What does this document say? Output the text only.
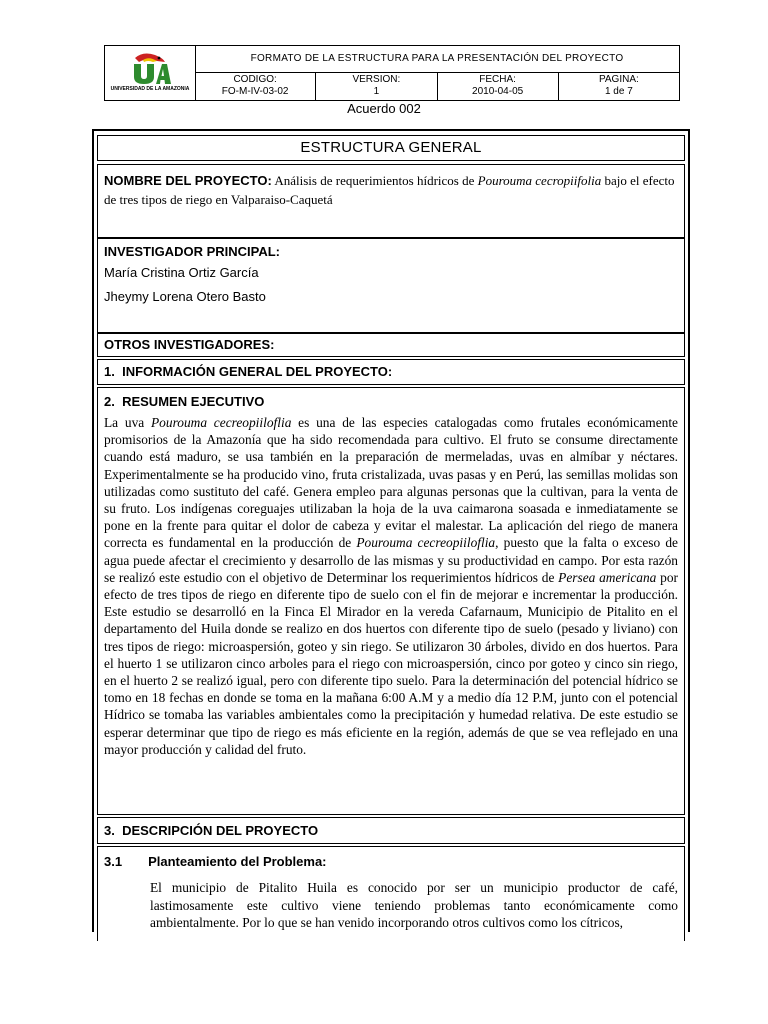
UNIVERSIDAD DE LA AMAZONIA
FORMATO DE LA ESTRUCTURA PARA LA PRESENTACIÓN DEL PROYECTO
CODIGO:
FO-M-IV-03-02
VERSION:
1
FECHA:
2010-04-05
PAGINA:
1 de 7
Acuerdo 002
ESTRUCTURA GENERAL
NOMBRE DEL PROYECTO: Análisis de requerimientos hídricos de Pourouma cecropiifolia bajo el efecto de tres tipos de riego en Valparaiso-Caquetá
INVESTIGADOR PRINCIPAL:
María Cristina Ortiz García
Jheymy Lorena Otero Basto
OTROS INVESTIGADORES:
1. INFORMACIÓN GENERAL DEL PROYECTO:
2. RESUMEN EJECUTIVO
La uva Pourouma cecreopiiloflia es una de las especies catalogadas como frutales económicamente promisorios de la Amazonía que ha sido recomendada para cultivo. El fruto se consume directamente cuando está maduro, se usa también en la preparación de mermeladas, uvas en almíbar y néctares. Experimentalmente se ha producido vino, fruta cristalizada, uvas pasas y en Perú, las semillas molidas son utilizadas como sustituto del café. Genera empleo para algunas personas que la cultivan, para la venta de su fruto. Los indígenas coreguajes utilizaban la hoja de la uva caimarona soasada e inmediatamente se pone en la frente para quitar el dolor de cabeza y evitar el malestar. La aplicación del riego de manera correcta es fundamental en la producción de Pourouma cecreopiiloflia, puesto que la falta o exceso de agua puede afectar el crecimiento y desarrollo de las mismas y su productividad en campo. Por esta razón se realizó este estudio con el objetivo de Determinar los requerimientos hídricos de Persea americana por efecto de tres tipos de riego en diferente tipo de suelo con el fin de mejorar e incrementar la producción. Este estudio se desarrolló en la Finca El Mirador en la vereda Cafarnaum, Municipio de Pitalito en el departamento del Huila donde se realizo en dos huertos con diferente tipo de suelo (pesado y liviano) con tres tipos de riego: microaspersión, goteo y sin riego. Se utilizaron 30 árboles, divido en dos huertos. Para el huerto 1 se utilizaron cinco arboles para el riego con microaspersión, cinco por goteo y cinco sin riego, en el huerto 2 se realizó igual, pero con diferente tipo suelo. Para la determinación del potencial hídrico se tomo en 18 fechas en donde se toma en la mañana 6:00 A.M y a medio día 12 P.M, junto con el potencial Hídrico se tomaba las variables ambientales como la precipitación y humedad relativa. De este estudio se esperar determinar que tipo de riego es más eficiente en la región, además de que se vea reflejado en una mayor producción y calidad del fruto.
3. DESCRIPCIÓN DEL PROYECTO
3.1 Planteamiento del Problema:
El municipio de Pitalito Huila es conocido por ser un municipio productor de café, lastimosamente este cultivo viene teniendo problemas tanto económicamente como ambientalmente. Por lo que se han venido incorporando otros cultivos como los cítricos,
